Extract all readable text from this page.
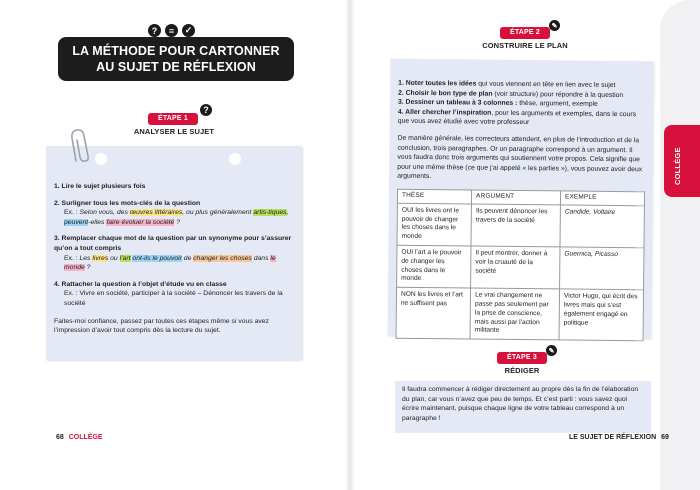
?	≡	✓
LA MÉTHODE POUR CARTONNER
AU SUJET DE RÉFLEXION
ÉTAPE 1
?
ANALYSER LE SUJET
1. Lire le sujet plusieurs fois
2. Surligner tous les mots-clés de la question
Ex. : Selon vous, des œuvres littéraires, ou plus généralement artis-tiques, peuvent-elles faire évoluer la société ?
3. Remplacer chaque mot de la question par un synonyme pour s’assurer qu’on a tout compris
Ex. : Les livres ou l’art ont-ils le pouvoir de changer les choses dans le monde ?
4. Rattacher la question à l’objet d’étude vu en classe
Ex. : Vivre en société, participer à la société – Dénoncer les travers de la société
Faites-moi confiance, passez par toutes ces étapes même si vous avez l’impression d’avoir tout compris dès la lecture du sujet.
68 COLLÈGE
ÉTAPE 2
✎
CONSTRUIRE LE PLAN
1. Noter toutes les idées qui vous viennent en tête en lien avec le sujet
2. Choisir le bon type de plan (voir structure) pour répondre à la question
3. Dessiner un tableau à 3 colonnes : thèse, argument, exemple
4. Aller chercher l’inspiration, pour les arguments et exemples, dans le cours que vous avez étudié avec votre professeur
De manière générale, les correcteurs attendent, en plus de l’introduction et de la conclusion, trois paragraphes. Or un paragraphe correspond à un argument. Il vous faudra donc trois arguments qui soutiennent votre propos. Cela signifie que pour une même thèse (ce que j’ai appelé « les parties »), vous pouvez avoir deux arguments.
THÈSE	ARGUMENT	EXEMPLE
OUI les livres ont le pouvoir de changer les choses dans le monde	Ils peuvent dénoncer les travers de la société	Candide, Voltaire
OUI l’art a le pouvoir de changer les choses dans le monde	Il peut montrer, donner à voir la cruauté de la société	Guernica, Picasso
NON les livres et l’art ne suffisent pas	Le vrai changement ne passe pas seulement par la prise de conscience, mais aussi par l’action militante	Victor Hugo, qui écrit des livres mais qui s’est également engagé en politique
ÉTAPE 3
✎
RÉDIGER
Il faudra commencer à rédiger directement au propre dès la fin de l’élaboration du plan, car vous n’avez que peu de temps. Et c’est parti : vous savez quoi écrire maintenant, puisque chaque ligne de votre tableau correspond à un paragraphe !
COLLÈGE
LE SUJET DE RÉFLEXION 69
